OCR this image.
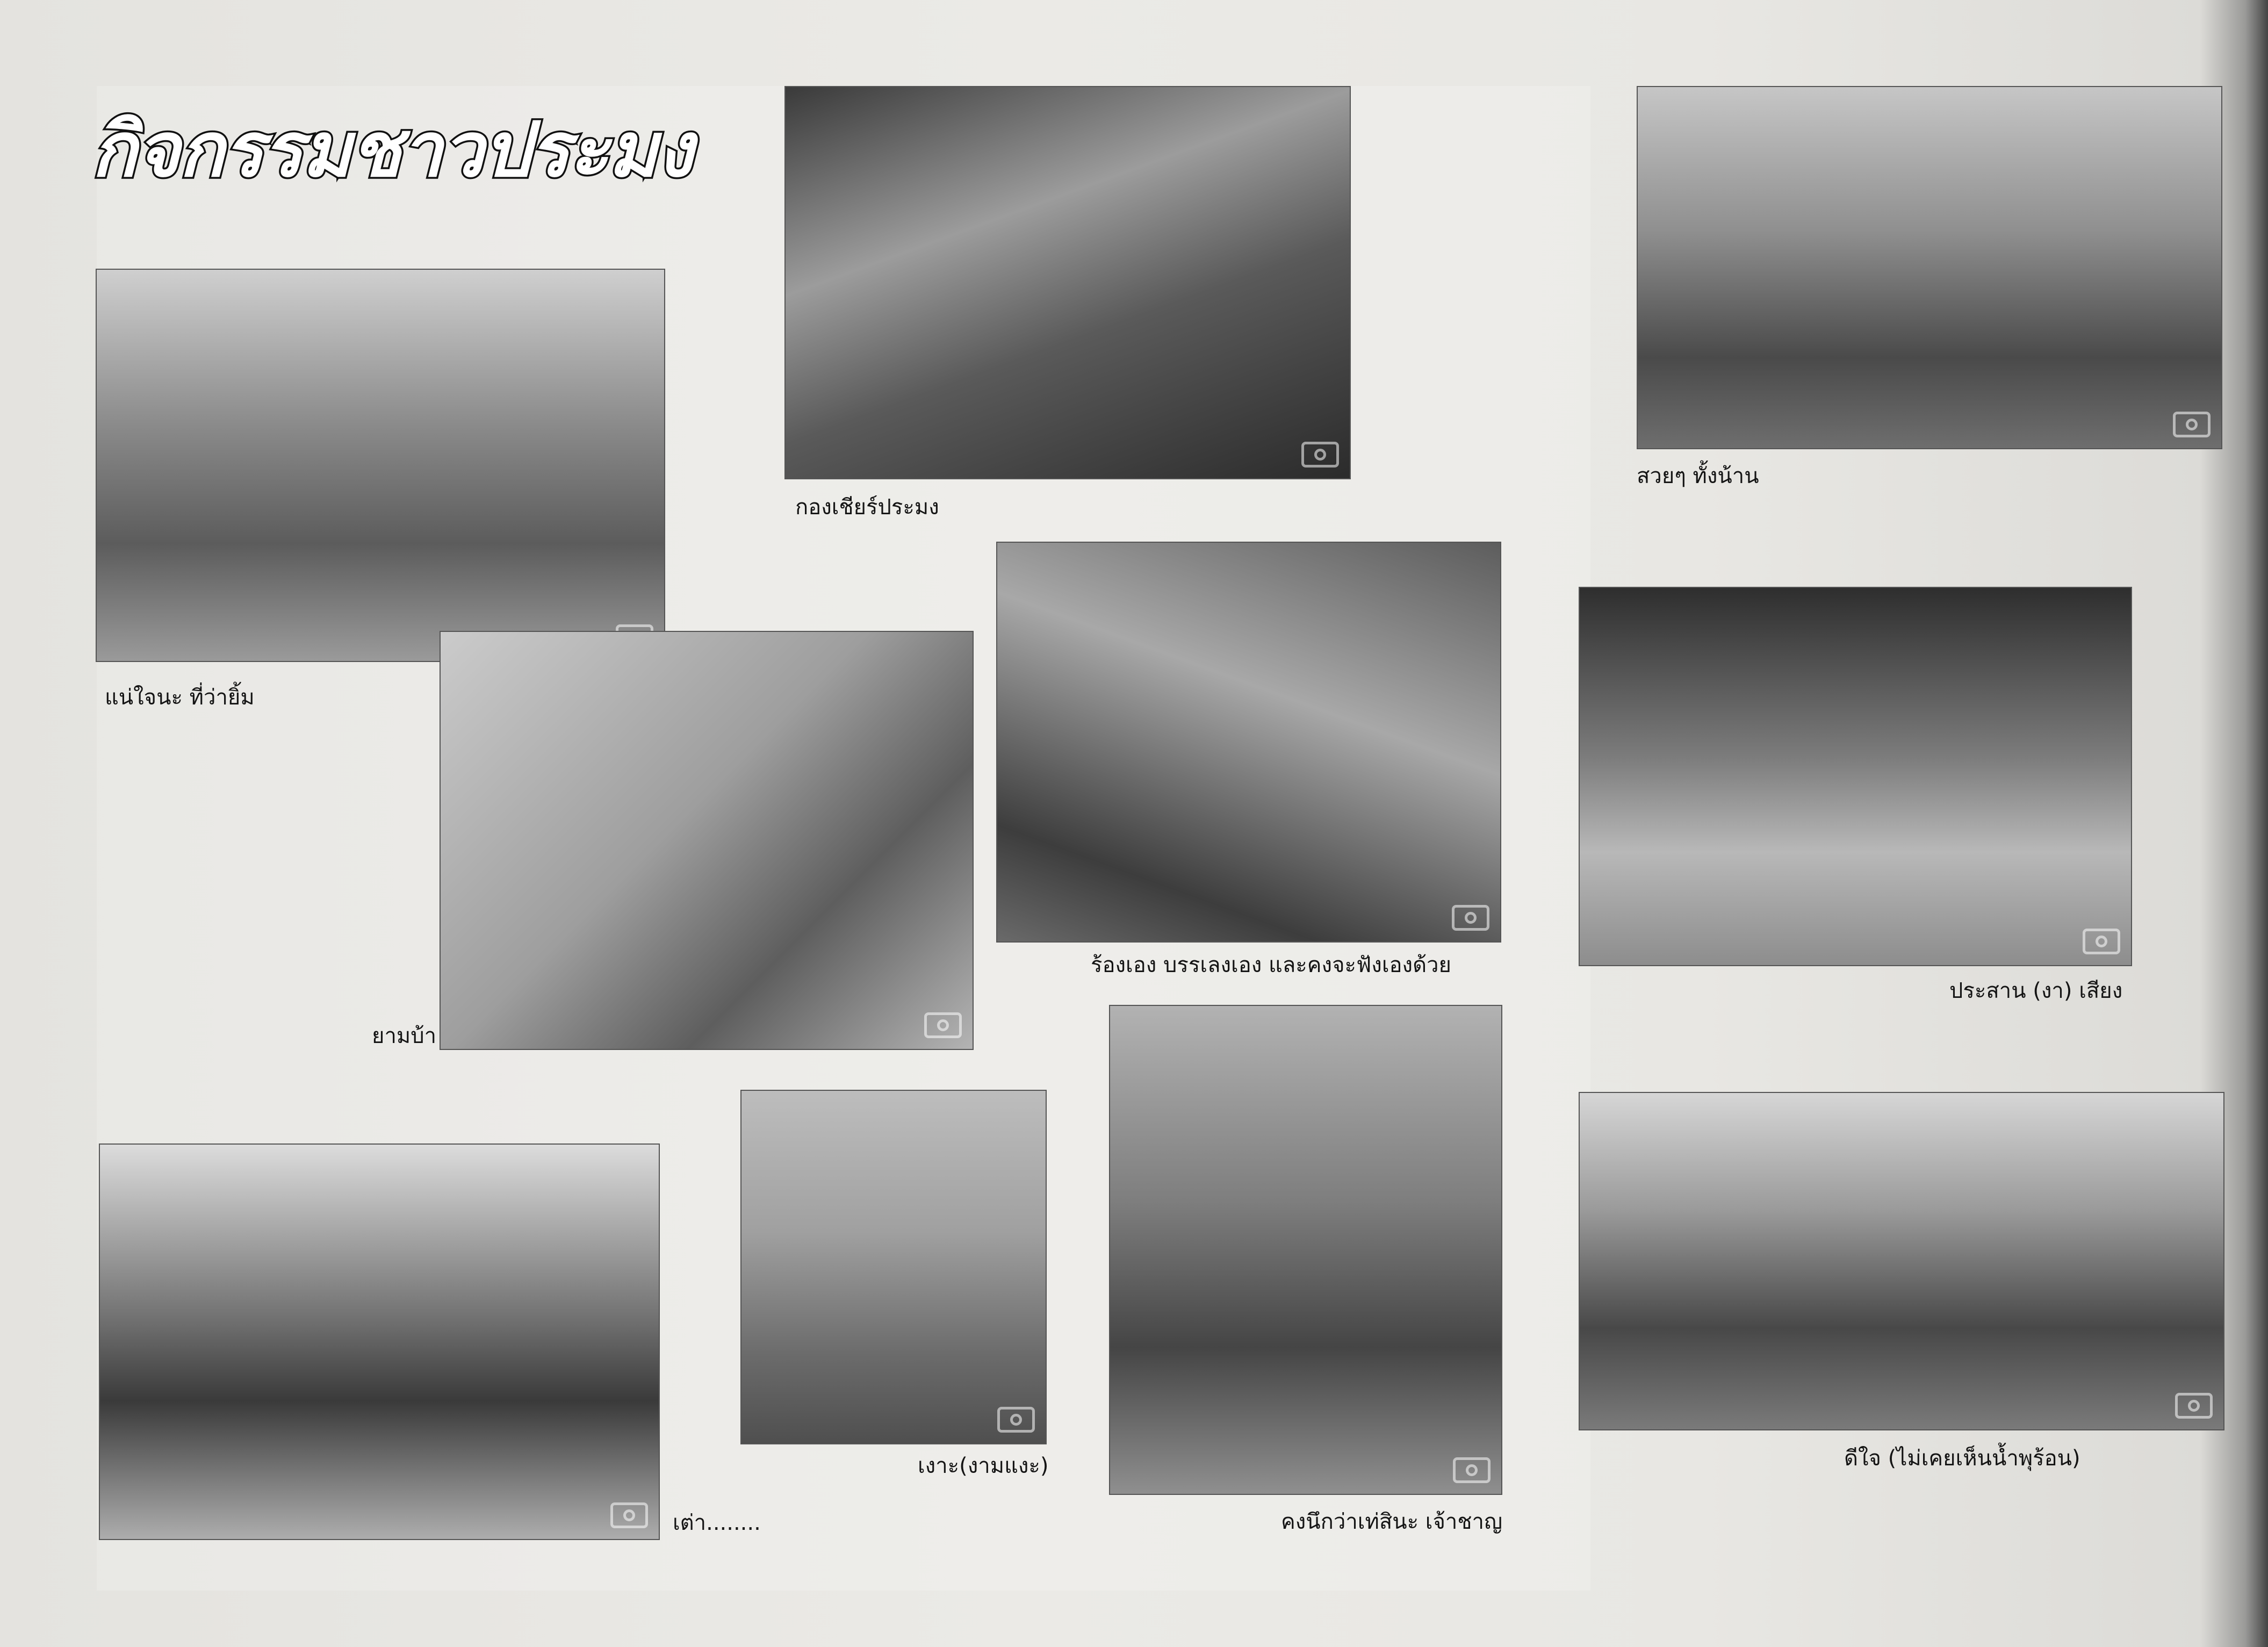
กิจกรรมชาวประมง
กองเชียร์ประมง
สวยๆ ทั้งน้าน
แน่ใจนะ ที่ว่ายิ้ม
ยามบ้า
ร้องเอง บรรเลงเอง และคงจะฟังเองด้วย
ประสาน (งา) เสียง
เต่า........
เงาะ(งามแงะ)
คงนึกว่าเท่สินะ เจ้าชาญ
ดีใจ (ไม่เคยเห็นน้ำพุร้อน)
